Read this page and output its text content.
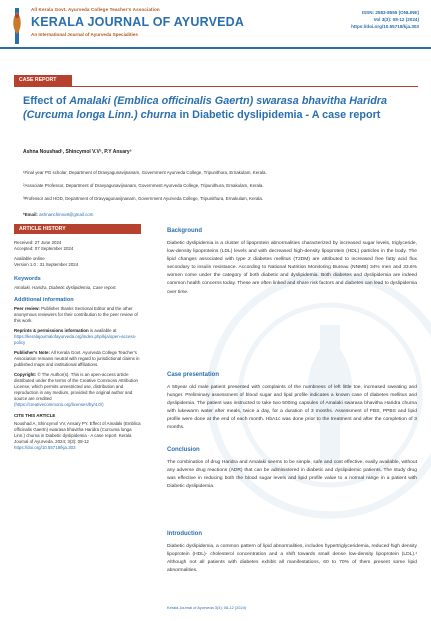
All Kerala Govt. Ayurveda College Teacher's Association
KERALA JOURNAL OF AYURVEDA
An International Journal of Ayurveda Specialities
ISSN: 2583-8555 (ONLINE)
Vol 3(3): 08-12 (2024)
https://doi.org/10.55718/kja.303
CASE REPORT
Effect of Amalaki (Emblica officinalis Gaertn) swarasa bhavitha Haridra (Curcuma longa Linn.) churna in Diabetic dyslipidemia - A case report
Ashna Noushad¹, Shincymol V.V², P.Y Ansary³
¹Final year PG scholar, Department of Dravyagunavijnanam, Government Ayurveda College, Tripunithura, Ernakulam, Kerala.
²Associate Professor, Department of Dravyagunavijnanam, Government Ayurveda College, Tripunithura, Ernakulam, Kerala.
³Professor and HOD, Department of Dravyagunavijnanam, Government Ayurveda College, Tripunithura, Ernakulam, Kerala.
*Email: ashnanchinnu9@gmail.com
ARTICLE HISTORY
Received: 27 June 2024
Accepted: 07 September 2024
Available online
Version 1.0 : 31 September 2024
Keywords
Amalaki, Haridra, Diabetic dyslipidemia, Case report.
Additional information
Peer review: Publisher thanks Sectional Editor and the other anonymous reviewers for their contribution to the peer review of this work.
Reprints & permissions information is available at https://keralajournalofayurveda.org/index.php/kja/open-access-policy
Publisher's Note: All Kerala Govt. Ayurveda College Teacher's Association remains neutral with regard to jurisdictional claims in published maps and institutional affiliations.
Copyright: © The Author(s). This is an open-access article distributed under the terms of the Creative Commons Attribution License, which permits unrestricted use, distribution and reproduction in any medium, provided the original author and source are credited (https://creativecommons.org/licenses/by/4.0/)
CITE THIS ARTICLE
Noushad A, Shincymol VV, Ansary PY. Effect of Amalaki (Emblica officinalis Gaertn) swarasa bhavitha Haridra (Curcuma longa Linn.) churna in Diabetic dyslipidemia - A case report. Kerala Journal of Ayurveda. 2024; 3(3): 08-12
https://doi.org/10.55718/kja.303
Background
Diabetic dyslipidemia is a cluster of lipoprotein abnormalities characterized by increased sugar levels, triglyceride, low-density lipoproteins (LDL) levels and with decreased high-density lipoprotein (HDL) particles in the body. The lipid changes associated with type 2 diabetes mellitus (T2DM) are attributed to increased free fatty acid flux secondary to insulin resistance. According to National Nutrition Monitoring Bureau (NNMB) 34% men and 33.6% women come under the category of both diabetic and dyslipidemia. Both diabetes and dyslipidemia are indeed common health concerns today. These are often linked and share risk factors and diabetes can lead to dyslipidemia over time.
Case presentation
A 55year old male patient presented with complaints of the numbness of left little toe, increased sweating and hunger. Preliminary assessment of blood sugar and lipid profile indicates a known case of diabetes mellitus and dyslipidemia. The patient was instructed to take two 500mg capsules of Amalaki swarasa bhavitha Haridra churna with lukewarm water after meals, twice a day, for a duration of 3 months. Assessment of FBS, PPBS and lipid profile were done at the end of each month. HbA1c was done prior to the treatment and after the completion of 3 months.
Conclusion
The combination of drug Haridra and Amalaki seems to be simple, safe and cost effective, easily available, without any adverse drug reactions (ADR) that can be administered in diabetic and dyslipidemic patients. The study drug was effective in reducing both the blood sugar levels and lipid profile value to a normal range in a patient with Diabetic dyslipidemia.
Introduction
Diabetic dyslipidemia, a common pattern of lipid abnormalities, includes hypertriglyceridemia, reduced high density lipoprotein (HDL)- cholesterol concentration and a shift towards small dense low-density lipoprotein (LDL).¹ Although not all patients with diabetes exhibit all manifestations, 60 to 70% of them present some lipid abnormalities.
Kerala Journal of Ayurveda 3(3): 08-12 (2024)
